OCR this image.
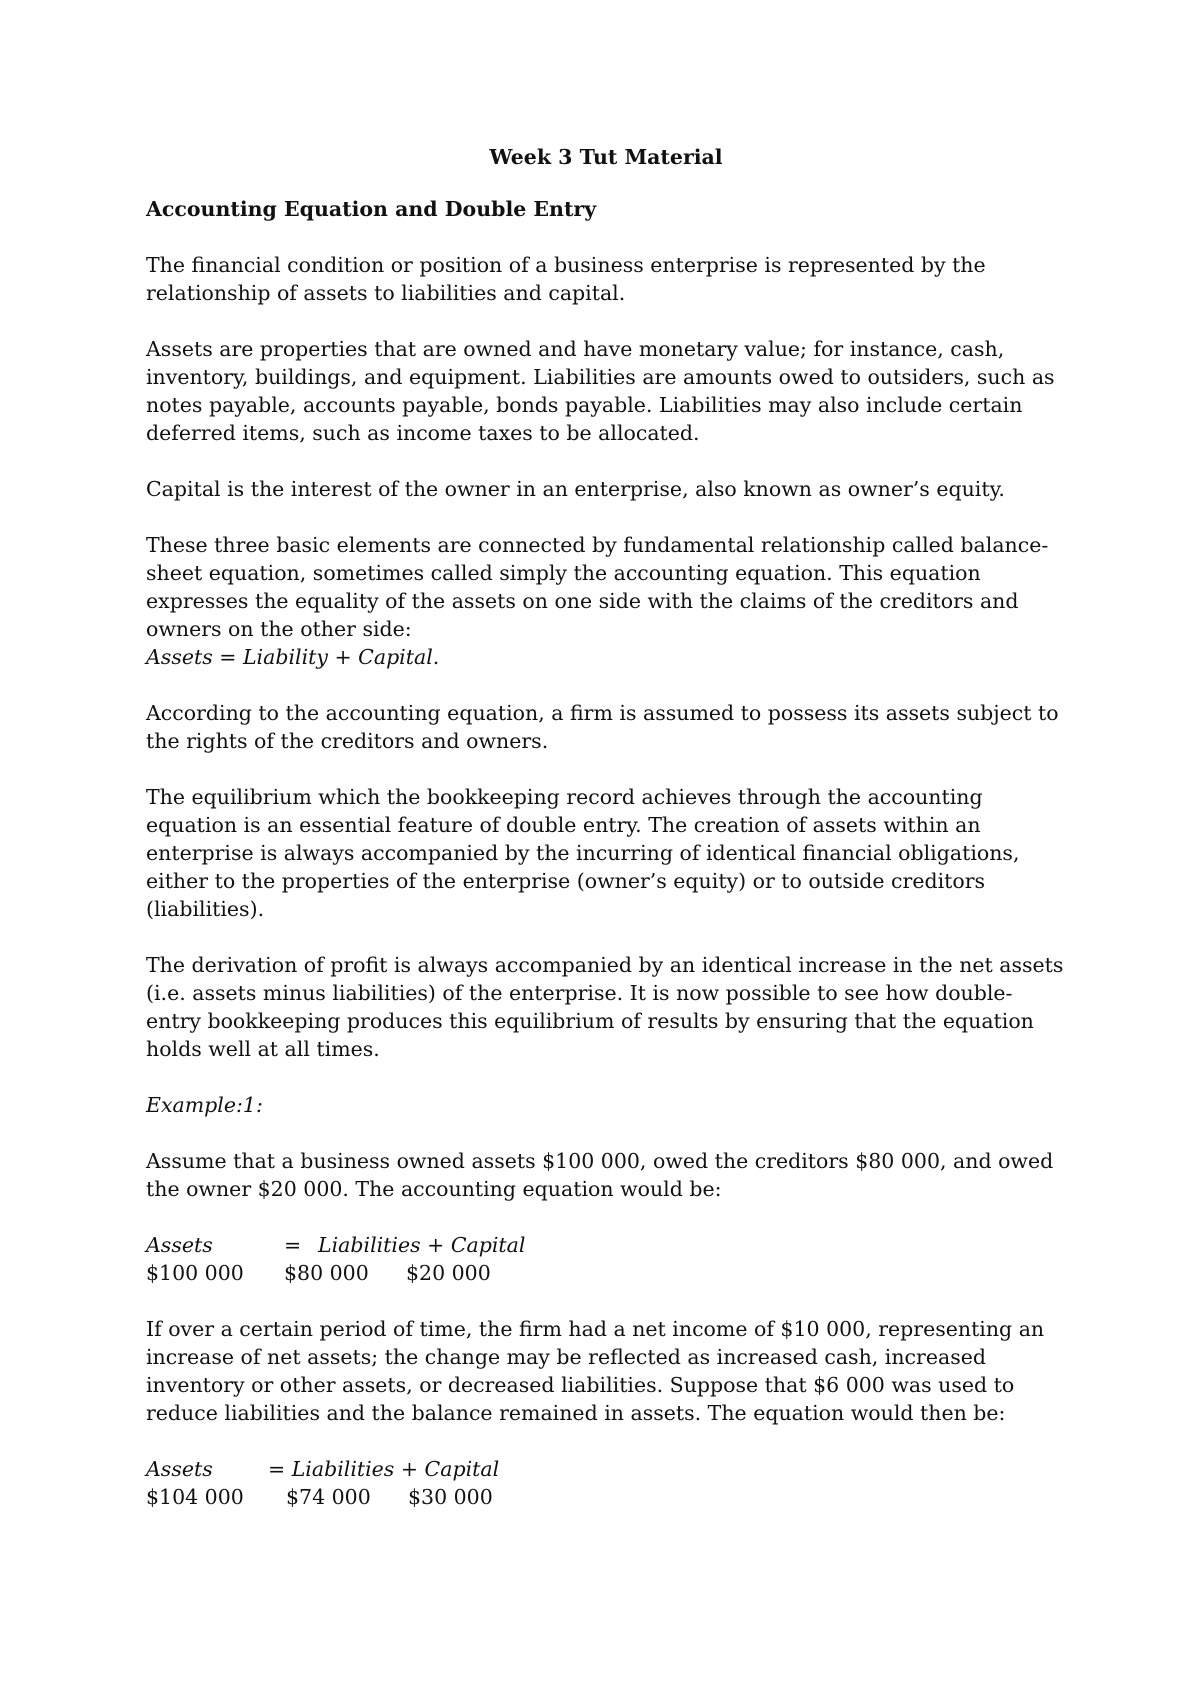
Week 3 Tut Material
Accounting Equation and Double Entry

The financial condition or position of a business enterprise is represented by the relationship of assets to liabilities and capital.

Assets are properties that are owned and have monetary value; for instance, cash, inventory, buildings, and equipment. Liabilities are amounts owed to outsiders, such as notes payable, accounts payable, bonds payable. Liabilities may also include certain deferred items, such as income taxes to be allocated.

Capital is the interest of the owner in an enterprise, also known as owner’s equity.

These three basic elements are connected by fundamental relationship called balance-sheet equation, sometimes called simply the accounting equation. This equation expresses the equality of the assets on one side with the claims of the creditors and owners on the other side:

Assets = Liability + Capital.

According to the accounting equation, a firm is assumed to possess its assets subject to the rights of the creditors and owners.

The equilibrium which the bookkeeping record achieves through the accounting equation is an essential feature of double entry. The creation of assets within an enterprise is always accompanied by the incurring of identical financial obligations, either to the properties of the enterprise (owner’s equity) or to outside creditors (liabilities).

The derivation of profit is always accompanied by an identical increase in the net assets (i.e. assets minus liabilities) of the enterprise. It is now possible to see how double-entry bookkeeping produces this equilibrium of results by ensuring that the equation holds well at all times.

Example:1:

Assume that a business owned assets $100 000, owed the creditors $80 000, and owed the owner $20 000. The accounting equation would be:

Assets	= Liabilities + Capital
$100 000	$80 000	$20 000

If over a certain period of time, the firm had a net income of $10 000, representing an increase of net assets; the change may be reflected as increased cash, increased inventory or other assets, or decreased liabilities. Suppose that $6 000 was used to reduce liabilities and the balance remained in assets. The equation would then be:

Assets	= Liabilities + Capital
$104 000	$74 000	$30 000
